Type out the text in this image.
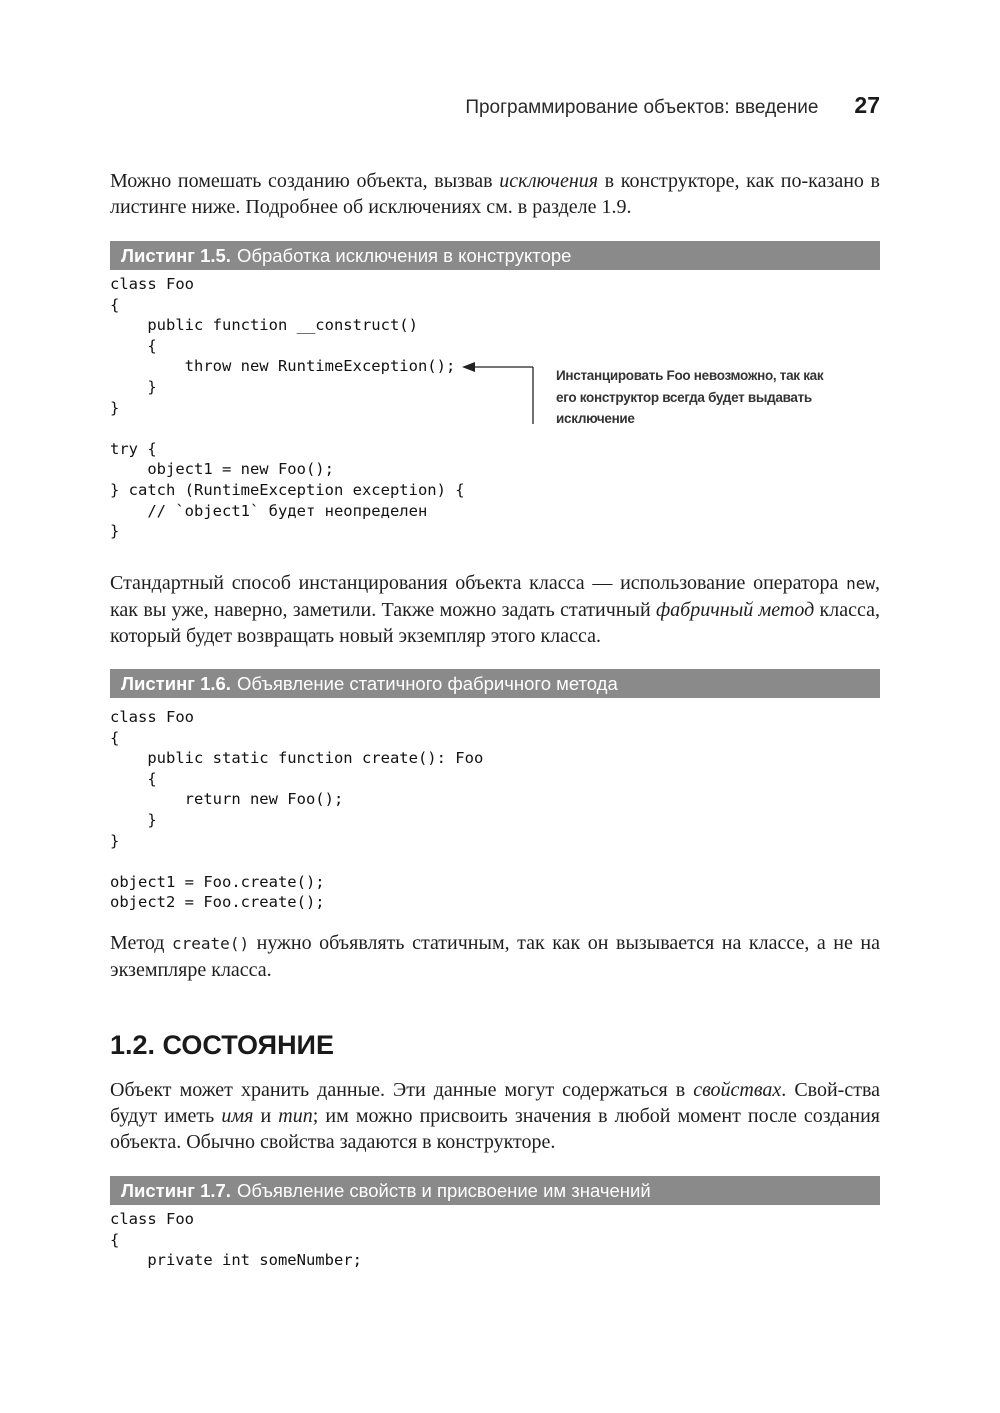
Программирование объектов: введение 27

Можно помешать созданию объекта, вызвав исключения в конструкторе, как по-казано в листинге ниже. Подробнее об исключениях см. в разделе 1.9.

Листинг 1.5. Обработка исключения в конструкторе
class Foo
{
public function __construct()
{
throw new RuntimeException();
}
}

try {
object1 = new Foo();
} catch (RuntimeException exception) {
// `object1` будет неопределен
}
Инстанцировать Foo невозможно, так как его конструктор всегда будет выдавать исключение

Стандартный способ инстанцирования объекта класса — использование оператора new, как вы уже, наверно, заметили. Также можно задать статичный фабричный метод класса, который будет возвращать новый экземпляр этого класса.

Листинг 1.6. Объявление статичного фабричного метода
class Foo
{
public static function create(): Foo
{
return new Foo();
}
}

object1 = Foo.create();
object2 = Foo.create();

Метод create() нужно объявлять статичным, так как он вызывается на классе, а не на экземпляре класса.

1.2. СОСТОЯНИЕ

Объект может хранить данные. Эти данные могут содержаться в свойствах. Свой-ства будут иметь имя и тип; им можно присвоить значения в любой момент после создания объекта. Обычно свойства задаются в конструкторе.

Листинг 1.7. Объявление свойств и присвоение им значений
class Foo
{
private int someNumber;
